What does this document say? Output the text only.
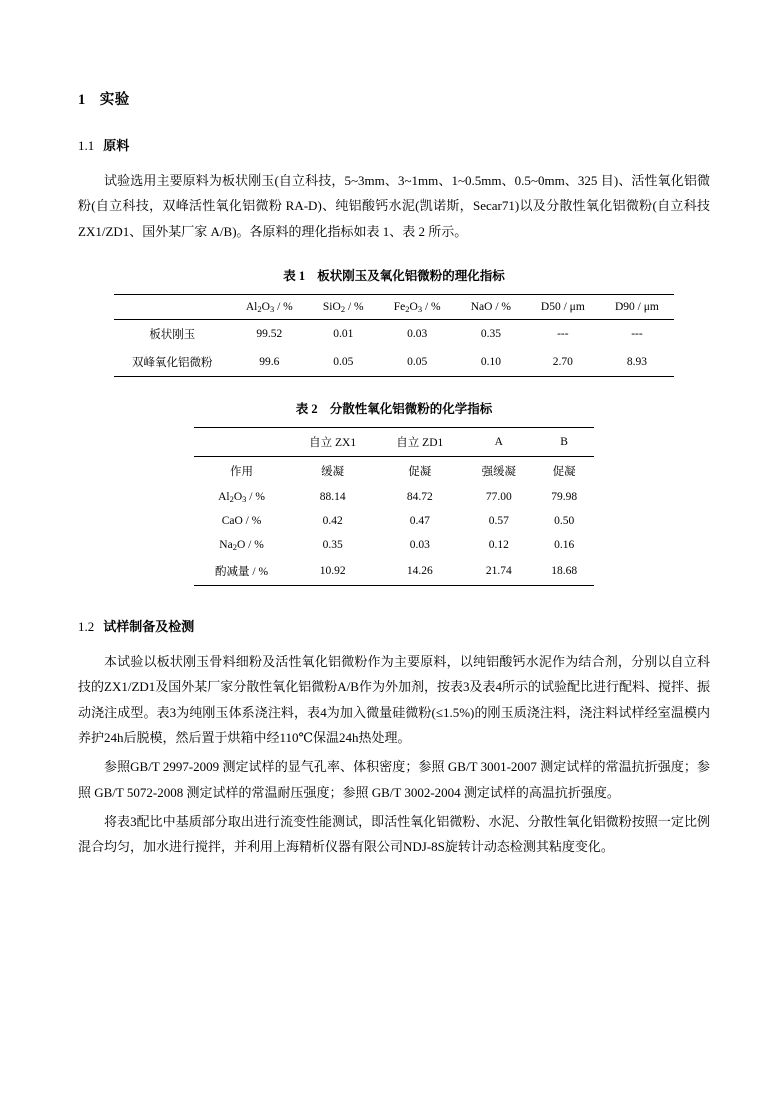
1 实验
1.1 原料

试验选用主要原料为板状刚玉(自立科技，5~3mm、3~1mm、1~0.5mm、0.5~0mm、325 目)、活性氧化铝微粉(自立科技，双峰活性氧化铝微粉 RA-D)、纯铝酸钙水泥(凯诺斯，Secar71)以及分散性氧化铝微粉(自立科技 ZX1/ZD1、国外某厂家 A/B)。各原料的理化指标如表 1、表 2 所示。

表 1 板状刚玉及氧化铝微粉的理化指标
	$Al_2O_3$ / %	SiO$_2$ / %	$Fe_2O_3$ / %	NaO / %	D50 / μm	D90 / μm
板状刚玉	99.52	0.01	0.03	0.35	---	---
双峰氧化铝微粉	99.6	0.05	0.05	0.10	2.70	8.93
表 2 分散性氧化铝微粉的化学指标
	自立 ZX1	自立 ZD1	A	B
作用	缓凝	促凝	强缓凝	促凝
$Al_2O_3$ / %	88.14	84.72	77.00	79.98
CaO / %	0.42	0.47	0.57	0.50
$Na_2O$ / %	0.35	0.03	0.12	0.16
酌减量 / %	10.92	14.26	21.74	18.68
1.2 试样制备及检测

本试验以板状刚玉骨料细粉及活性氧化铝微粉作为主要原料，以纯铝酸钙水泥作为结合剂，分别以自立科技的ZX1/ZD1及国外某厂家分散性氧化铝微粉A/B作为外加剂，按表3及表4所示的试验配比进行配料、搅拌、振动浇注成型。表3为纯刚玉体系浇注料，表4为加入微量硅微粉(≤1.5%)的刚玉质浇注料，浇注料试样经室温模内养护24h后脱模，然后置于烘箱中经110℃保温24h热处理。

参照GB/T 2997-2009 测定试样的显气孔率、体积密度；参照 GB/T 3001-2007 测定试样的常温抗折强度；参照 GB/T 5072-2008 测定试样的常温耐压强度；参照 GB/T 3002-2004 测定试样的高温抗折强度。

将表3配比中基质部分取出进行流变性能测试，即活性氧化铝微粉、水泥、分散性氧化铝微粉按照一定比例混合均匀，加水进行搅拌，并利用上海精析仪器有限公司NDJ-8S旋转计动态检测其粘度变化。
